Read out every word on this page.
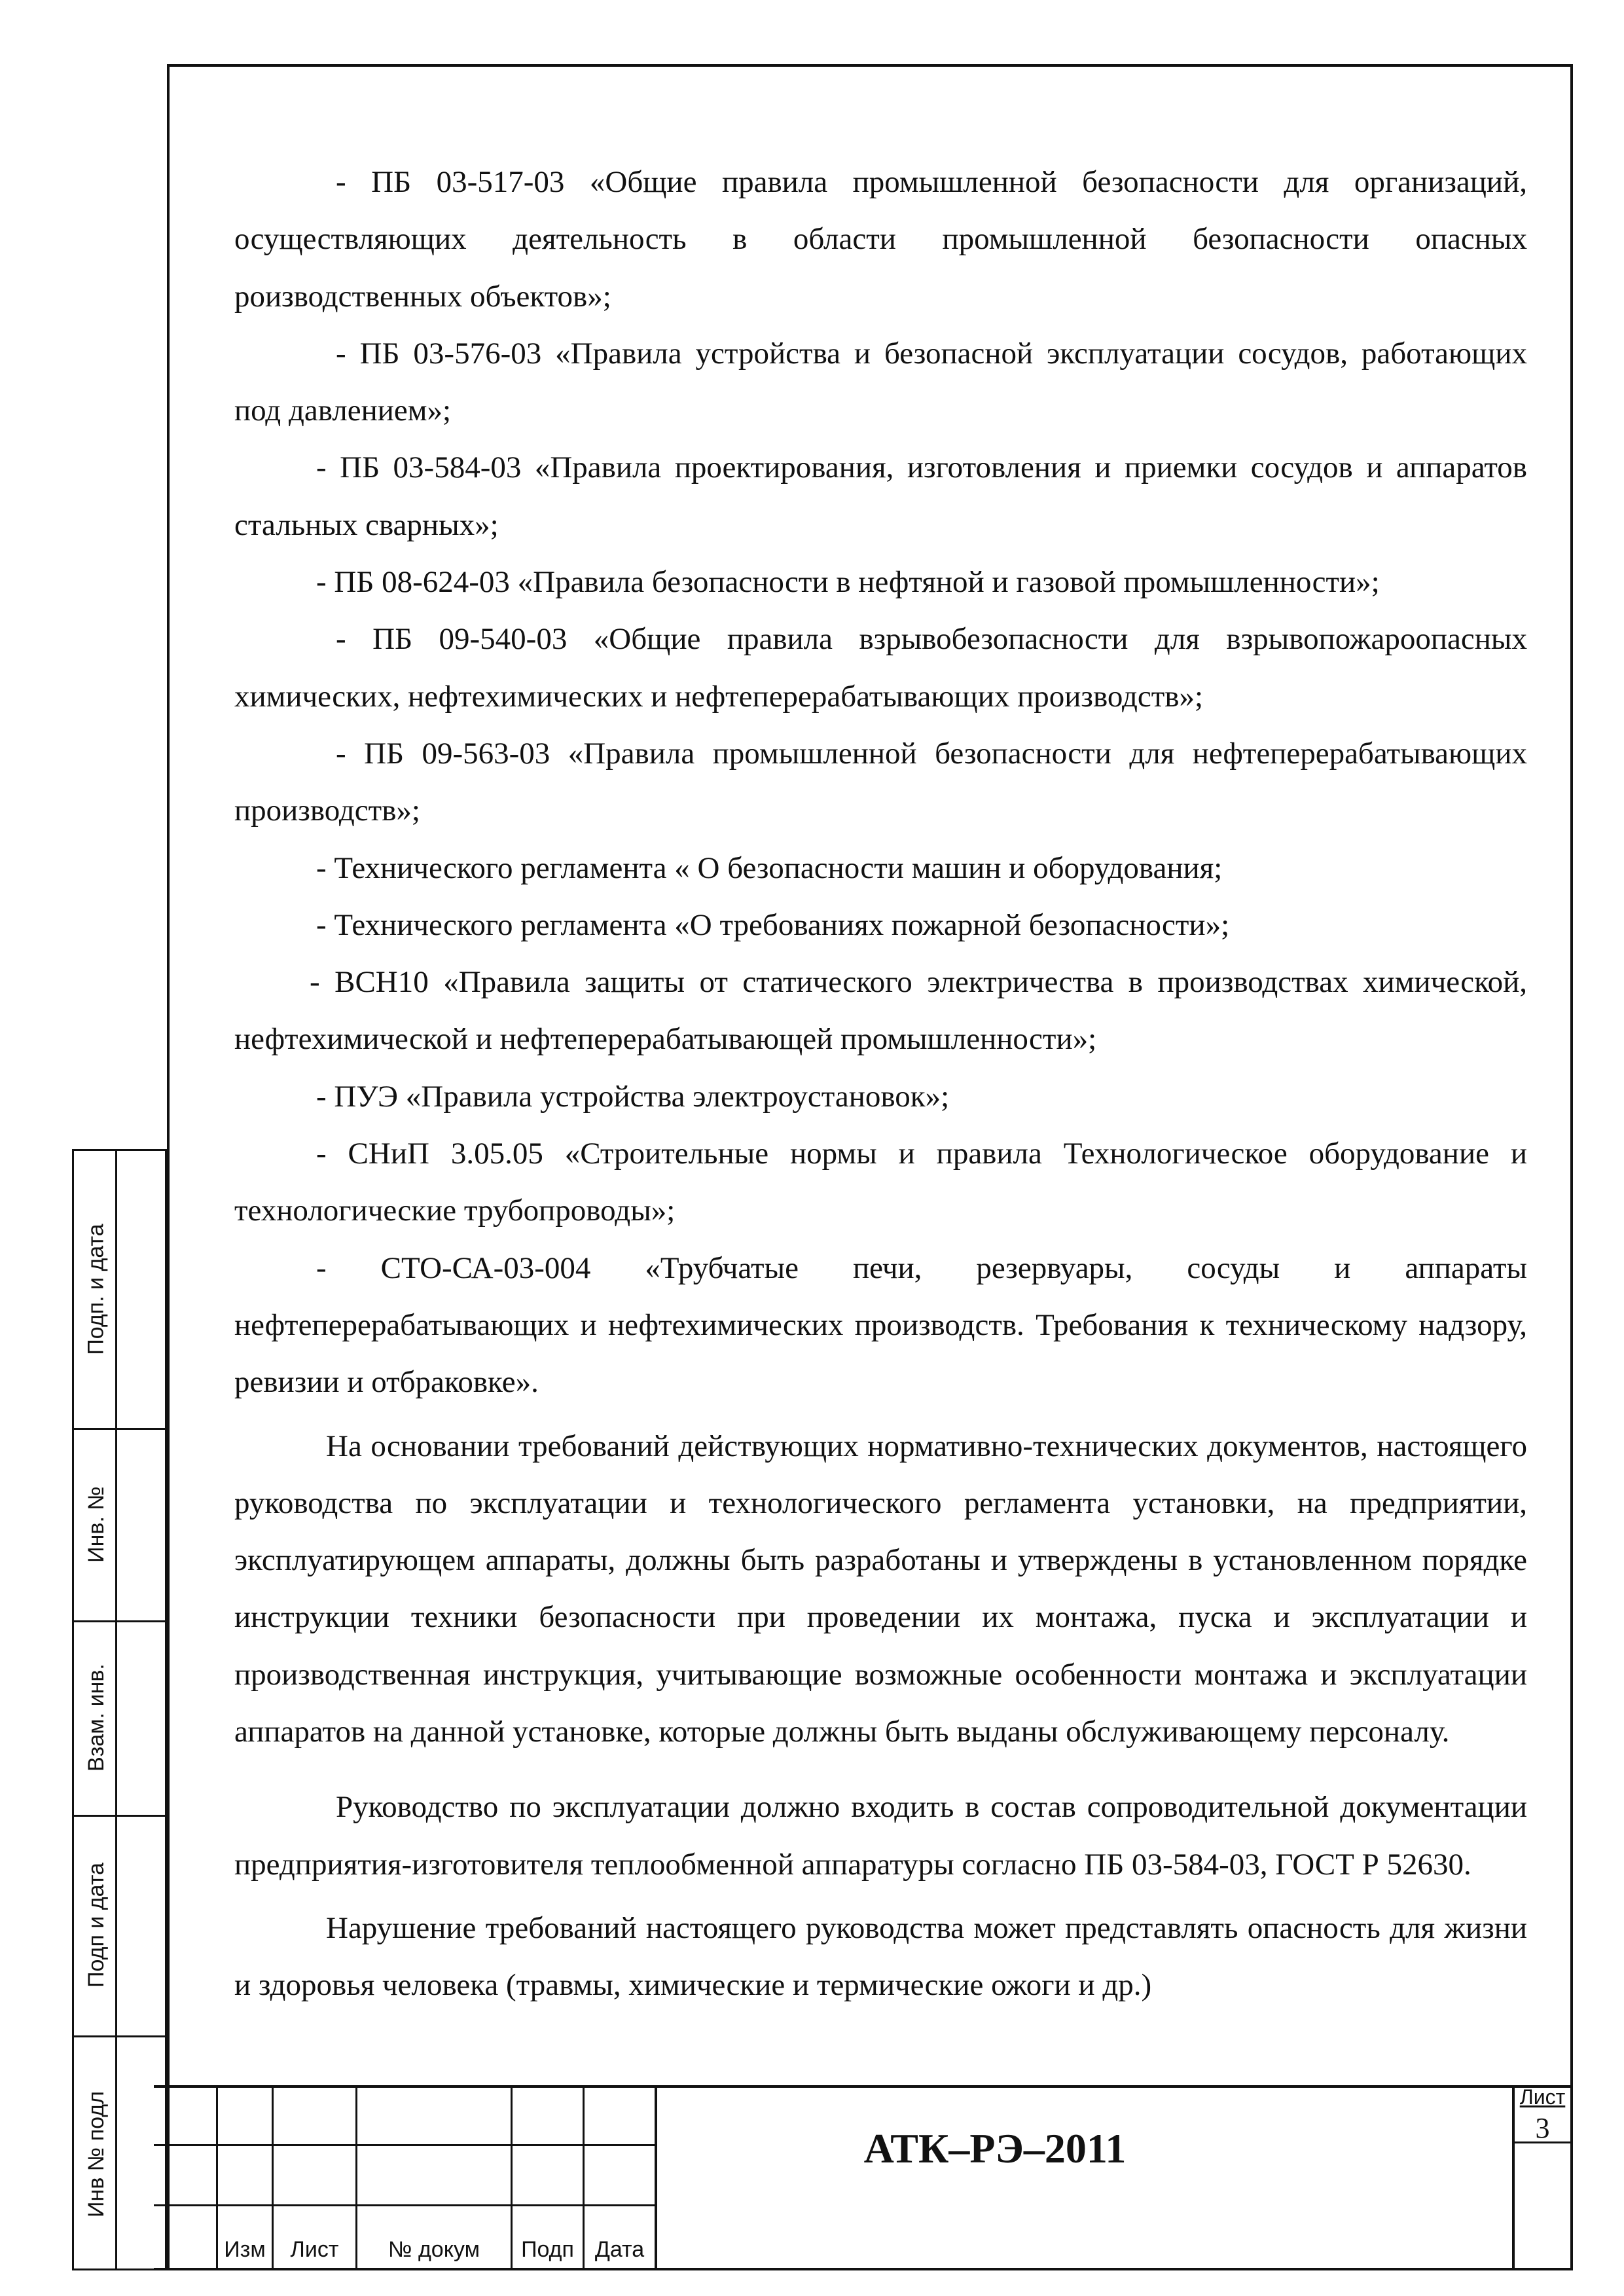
- ПБ 03-517-03 «Общие правила промышленной безопасности для организаций, осуществляющих деятельность в области промышленной безопасности опасных роизводственных объектов»;

- ПБ 03-576-03 «Правила устройства и безопасной эксплуатации сосудов, работающих под давлением»;

- ПБ 03-584-03 «Правила проектирования, изготовления и приемки сосудов и аппаратов стальных сварных»;

- ПБ 08-624-03 «Правила безопасности в нефтяной и газовой промышленности»;

- ПБ 09-540-03 «Общие правила взрывобезопасности для взрывопожароопасных химических, нефтехимических и нефтеперерабатывающих производств»;

- ПБ 09-563-03 «Правила промышленной безопасности для нефтеперерабатывающих производств»;

- Технического регламента « О безопасности машин и оборудования;

- Технического регламента «О требованиях пожарной безопасности»;

- ВСН10 «Правила защиты от статического электричества в производствах химической, нефтехимической и нефтеперерабатывающей промышленности»;

- ПУЭ «Правила устройства электроустановок»;

- СНиП 3.05.05 «Строительные нормы и правила Технологическое оборудование и технологические трубопроводы»;

- СТО-СА-03-004 «Трубчатые печи, резервуары, сосуды и аппараты нефтеперерабатывающих и нефтехимических производств. Требования к техническому надзору, ревизии и отбраковке».

На основании требований действующих нормативно-технических документов, настоящего руководства по эксплуатации и технологического регламента установки, на предприятии, эксплуатирующем аппараты, должны быть разработаны и утверждены в установленном порядке инструкции техники безопасности при проведении их монтажа, пуска и эксплуатации и производственная инструкция, учитывающие возможные особенности монтажа и эксплуатации аппаратов на данной установке, которые должны быть выданы обслуживающему персоналу.

Руководство по эксплуатации должно входить в состав сопроводительной документации предприятия-изготовителя теплообменной аппаратуры согласно ПБ 03-584-03, ГОСТ Р 52630.

Нарушение требований настоящего руководства может представлять опасность для жизни и здоровья человека (травмы, химические и термические ожоги и др.)

Подп. и дата
Инв. №
Взам. инв.
Подп и дата
Инв № подл
Изм	Лист	№ докум	Подп Дата
АТК–РЭ–2011
Лист
3
